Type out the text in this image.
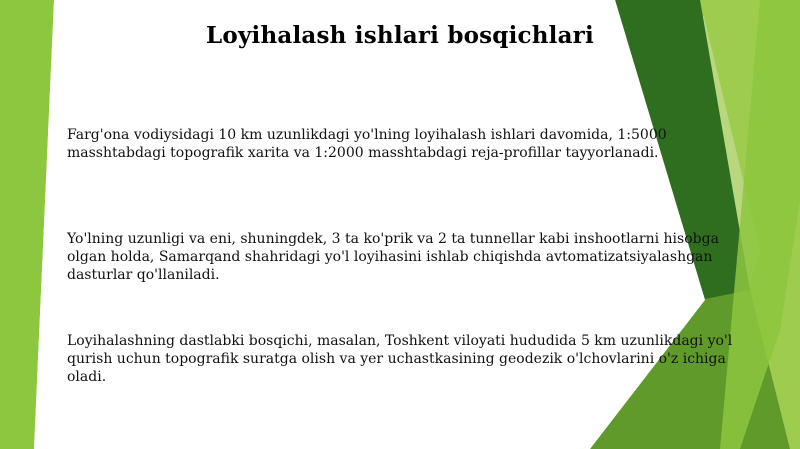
Loyihalash ishlari bosqichlari
Farg'ona vodiysidagi 10 km uzunlikdagi yo'lning loyihalash ishlari davomida, 1:5000 masshtabdagi topografik xarita va 1:2000 masshtabdagi reja-profillar tayyorlanadi.
Yo'lning uzunligi va eni, shuningdek, 3 ta ko'prik va 2 ta tunnellar kabi inshootlarni hisobga olgan holda, Samarqand shahridagi yo'l loyihasini ishlab chiqishda avtomatizatsiyalashgan dasturlar qo'llaniladi.
Loyihalashning dastlabki bosqichi, masalan, Toshkent viloyati hududida 5 km uzunlikdagi yo'l qurish uchun topografik suratga olish va yer uchastkasining geodezik o'lchovlarini o'z ichiga oladi.
